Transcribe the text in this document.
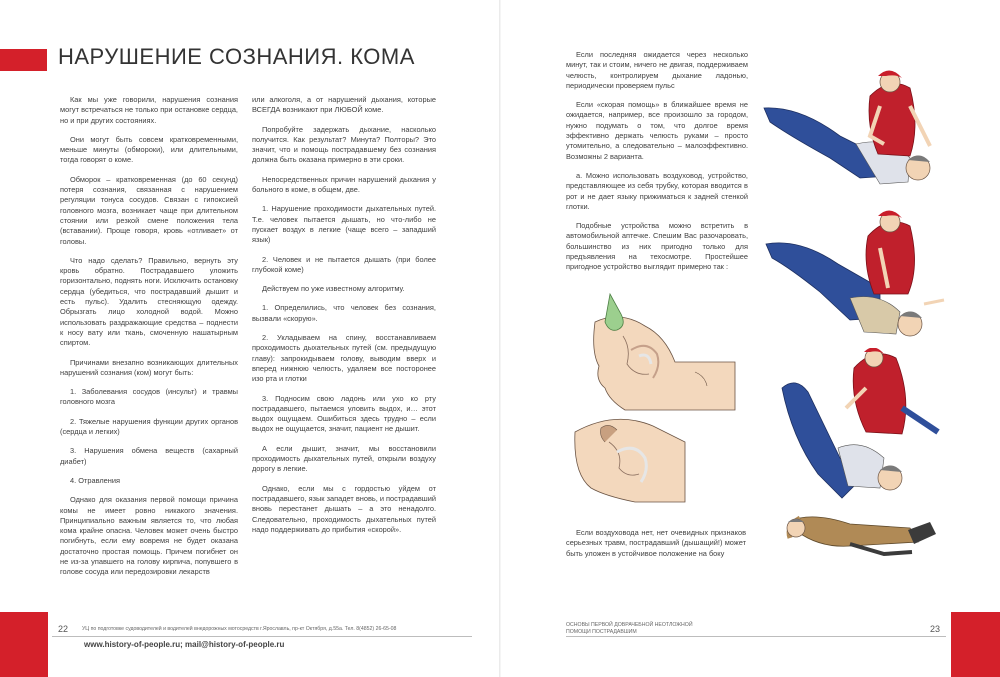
НАРУШЕНИЕ СОЗНАНИЯ. КОМА

Как мы уже говорили, нарушения сознания могут встречаться не только при остановке сердца, но и при других состояниях.

Они могут быть совсем кратковременными, меньше минуты (обмороки), или длительными, тогда говорят о коме.

Обморок – кратковременная (до 60 секунд) потеря сознания, связанная с нарушением регуляции тонуса сосудов. Связан с гипоксией головного мозга, возникает чаще при длительном стоянии или резкой смене положения тела (вставании). Проще говоря, кровь «отливает» от головы.

Что надо сделать? Правильно, вернуть эту кровь обратно. Пострадавшего уложить горизонтально, поднять ноги. Исключить остановку сердца (убедиться, что пострадавший дышит и есть пульс). Удалить стесняющую одежду. Обрызгать лицо холодной водой. Можно использовать раздражающие средства – поднести к носу вату или ткань, смоченную нашатырным спиртом.

Причинами внезапно возникающих длительных нарушений сознания (ком) могут быть:

1. Заболевания сосудов (инсульт) и травмы головного мозга

2. Тяжелые нарушения функции других органов (сердца и легких)

3. Нарушения обмена веществ (сахарный диабет)

4. Отравления

Однако для оказания первой помощи причина комы не имеет ровно никакого значения. Принципиально важным является то, что любая кома крайне опасна. Человек может очень быстро погибнуть, если ему вовремя не будет оказана достаточно простая помощь. Причем погибнет он не из-за упавшего на голову кирпича, попувшего в голове сосуда или передозировки лекарств

или алкоголя, а от нарушений дыхания, которые ВСЕГДА возникают при ЛЮБОЙ коме.

Попробуйте задержать дыхание, насколько получится. Как результат? Минута? Полторы? Это значит, что и помощь пострадавшему без сознания должна быть оказана примерно в эти сроки.

Непосредственных причин нарушений дыхания у больного в коме, в общем, две.

1. Нарушение проходимости дыхательных путей. Т.е. человек пытается дышать, но что-либо не пускает воздух в легкие (чаще всего – западший язык)

2. Человек и не пытается дышать (при более глубокой коме)

Действуем по уже известному алгоритму.

1. Определились, что человек без сознания, вызвали «скорую».

2. Укладываем на спину, восстанавливаем проходимость дыхательных путей (см. предыдущую главу): запрокидываем голову, выводим вверх и вперед нижнюю челюсть, удаляем все посторонее изо рта и глотки

3. Подносим свою ладонь или ухо ко рту пострадавшего, пытаемся уловить выдох, и… этот выдох ощущаем. Ошибиться здесь трудно – если выдох не ощущается, значит, пациент не дышит.

А если дышит, значит, мы восстановили проходимость дыхательных путей, открыли воздуху дорогу в легкие.

Однако, если мы с гордостью уйдем от пострадавшего, язык западет вновь, и пострадавший вновь перестанет дышать – а это ненадолго. Следовательно, проходимость дыхательных путей надо поддерживать до прибытия «скорой».

Если последняя ожидается через несколько минут, так и стоим, ничего не двигая, поддерживаем челюсть, контролируем дыхание ладонью, периодически проверяем пульс

Если «скорая помощь» в ближайшее время не ожидается, например, все произошло за городом, нужно подумать о том, что долгое время эффективно держать челюсть руками – просто утомительно, а следовательно – малоэффективно. Возможны 2 варианта.

а. Можно использовать воздуховод, устройство, представляющее из себя трубку, которая вводится в рот и не дает языку прижиматься к задней стенкой глотки.

Подобные устройства можно встретить в автомобильной аптечке. Спешим Вас разочаровать, большинство из них пригодно только для предъявления на техосмотре. Простейшее пригодное устройство выглядит примерно так :

Если воздуховода нет, нет очевидных признаков серьезных травм, пострадавший (дышащий!) может быть уложен в устойчивое положение на боку

22	УЦ по подготовке судоводителей и водителей внедорожных мотосредств г.Ярославль, пр-кт Октября, д.55а. Тел. 8(4852) 26-65-08
www.history-of-people.ru; mail@history-of-people.ru
ОСНОВЫ ПЕРВОЙ ДОВРАЧЕБНОЙ НЕОТЛОЖНОЙ
ПОМОЩИ ПОСТРАДАВШИМ	23
